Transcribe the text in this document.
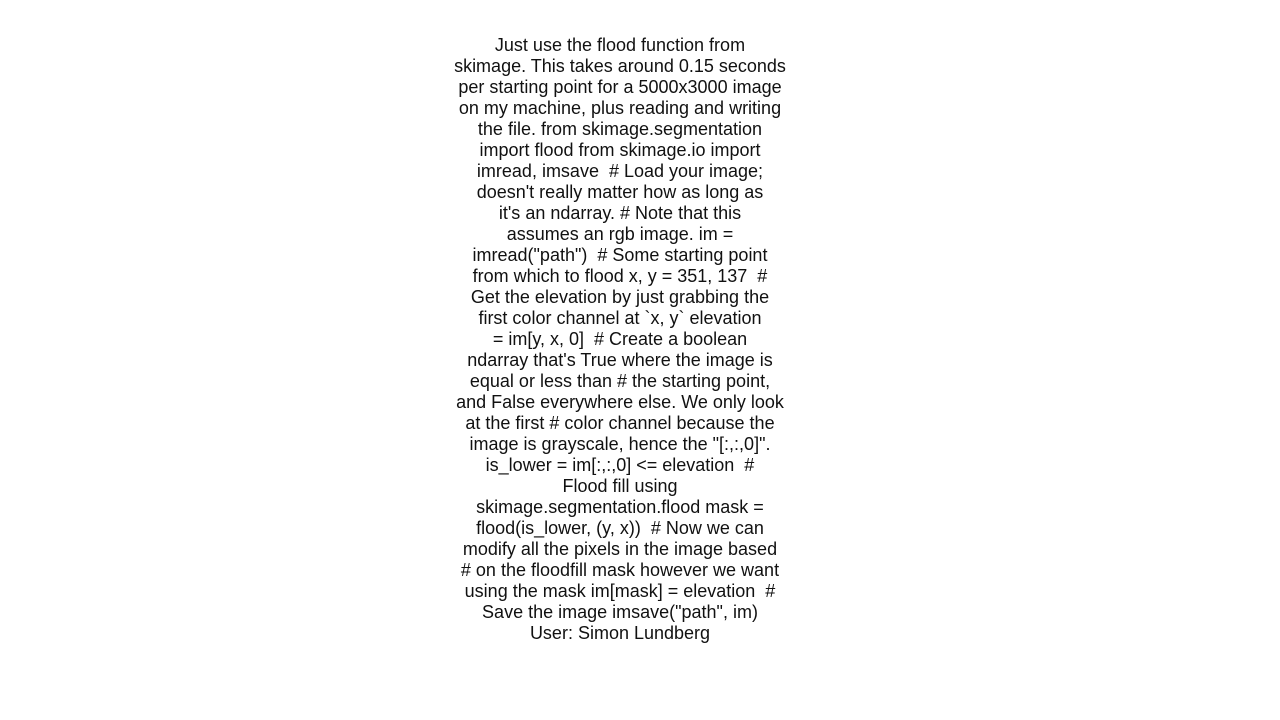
Just use the flood function from
skimage. This takes around 0.15 seconds
per starting point for a 5000x3000 image
on my machine, plus reading and writing
the file. from skimage.segmentation
import flood from skimage.io import
imread, imsave  # Load your image;
doesn't really matter how as long as
it's an ndarray. # Note that this
assumes an rgb image. im =
imread("path")  # Some starting point
from which to flood x, y = 351, 137  #
Get the elevation by just grabbing the
first color channel at `x, y` elevation
= im[y, x, 0]  # Create a boolean
ndarray that's True where the image is
equal or less than # the starting point,
and False everywhere else. We only look
at the first # color channel because the
image is grayscale, hence the "[:,:,0]".
is_lower = im[:,:,0] <= elevation  #
Flood fill using
skimage.segmentation.flood mask =
flood(is_lower, (y, x))  # Now we can
modify all the pixels in the image based
# on the floodfill mask however we want
using the mask im[mask] = elevation  #
Save the image imsave("path", im)
User: Simon Lundberg
